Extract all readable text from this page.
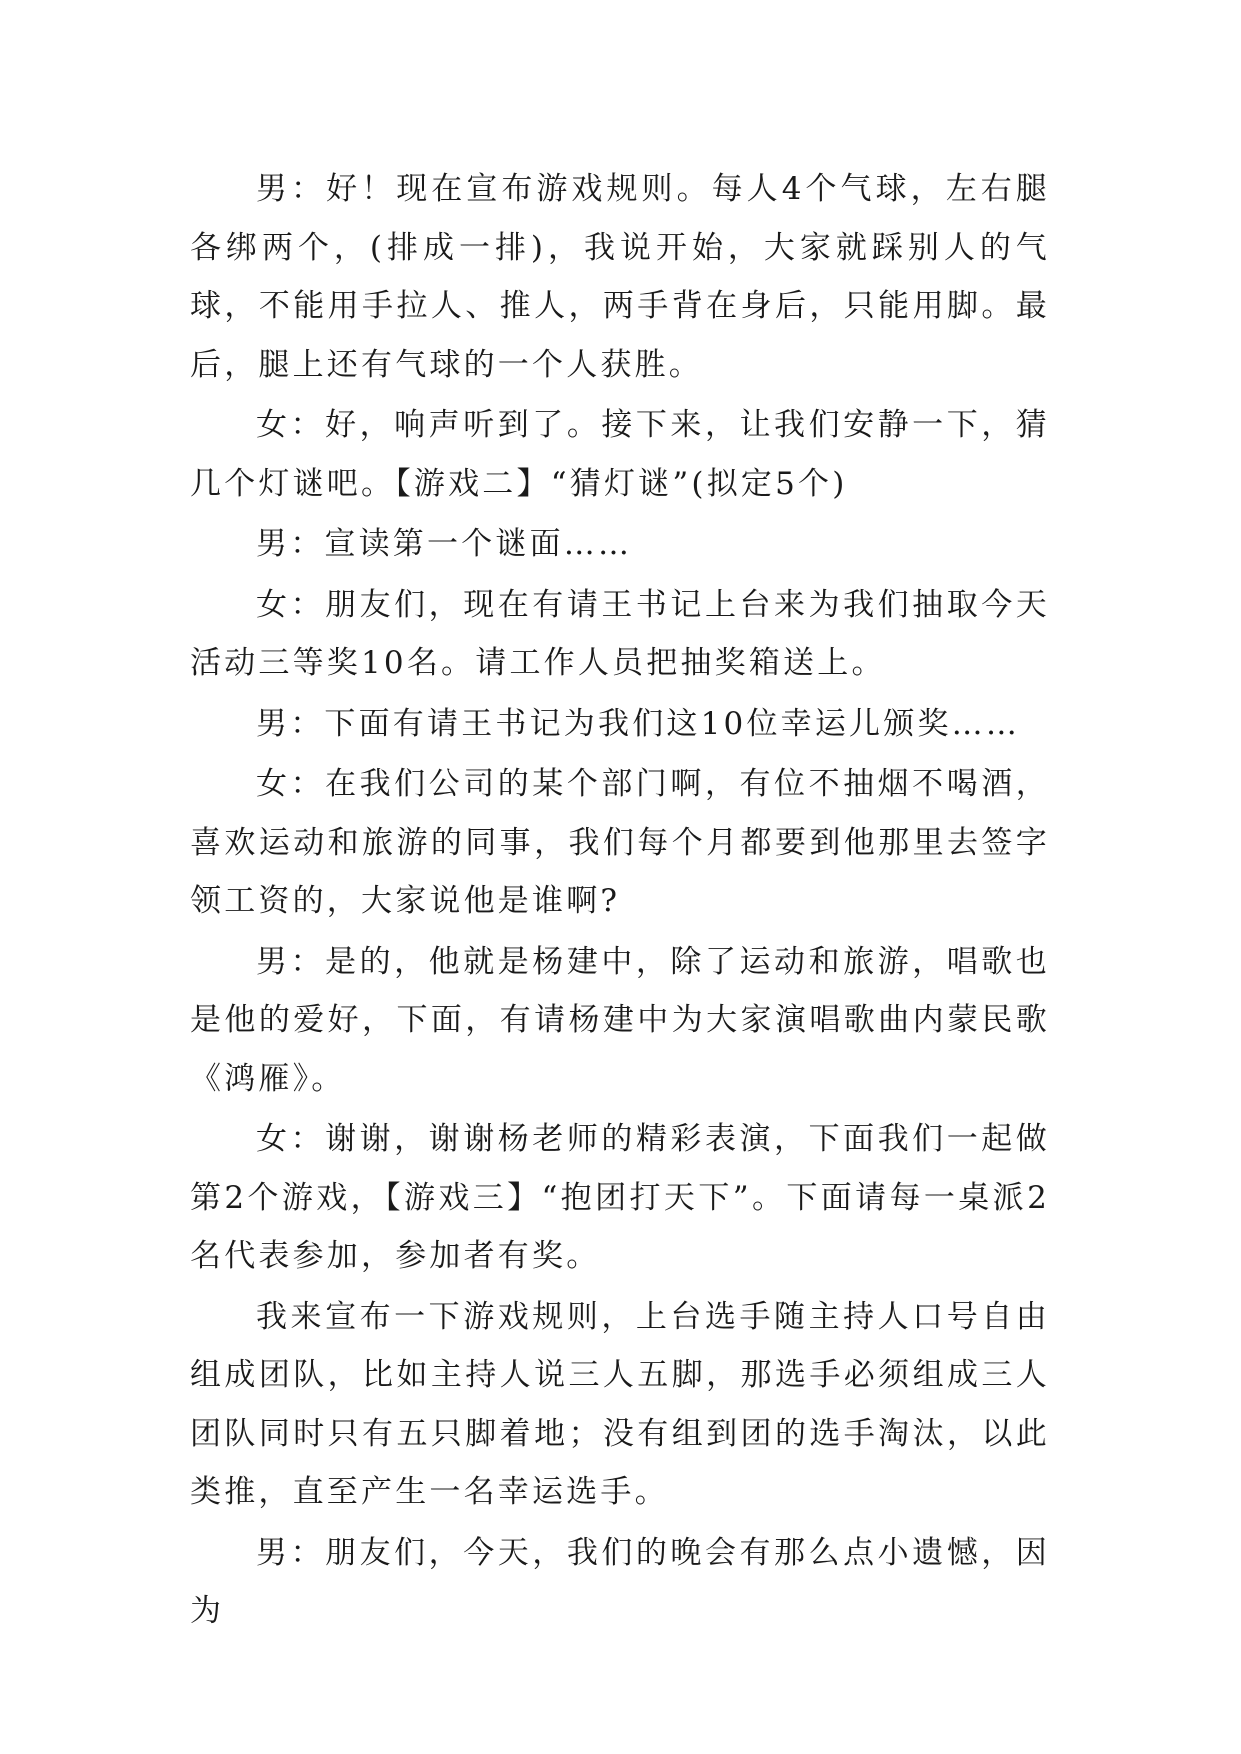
男：好！现在宣布游戏规则。每人4个气球，左右腿各绑两个，(排成一排)，我说开始，大家就踩别人的气球，不能用手拉人、推人，两手背在身后，只能用脚。最后，腿上还有气球的一个人获胜。

女：好，响声听到了。接下来，让我们安静一下，猜几个灯谜吧。【游戏二】“猜灯谜”(拟定5个)

男：宣读第一个谜面……

女：朋友们，现在有请王书记上台来为我们抽取今天活动三等奖10名。请工作人员把抽奖箱送上。

男：下面有请王书记为我们这10位幸运儿颁奖……

女：在我们公司的某个部门啊，有位不抽烟不喝酒，喜欢运动和旅游的同事，我们每个月都要到他那里去签字领工资的，大家说他是谁啊?

男：是的，他就是杨建中，除了运动和旅游，唱歌也是他的爱好，下面，有请杨建中为大家演唱歌曲内蒙民歌《鸿雁》。

女：谢谢，谢谢杨老师的精彩表演，下面我们一起做第2个游戏，【游戏三】“抱团打天下”。下面请每一桌派2名代表参加，参加者有奖。

我来宣布一下游戏规则，上台选手随主持人口号自由组成团队，比如主持人说三人五脚，那选手必须组成三人团队同时只有五只脚着地；没有组到团的选手淘汰，以此类推，直至产生一名幸运选手。

男：朋友们，今天，我们的晚会有那么点小遗憾，因为
